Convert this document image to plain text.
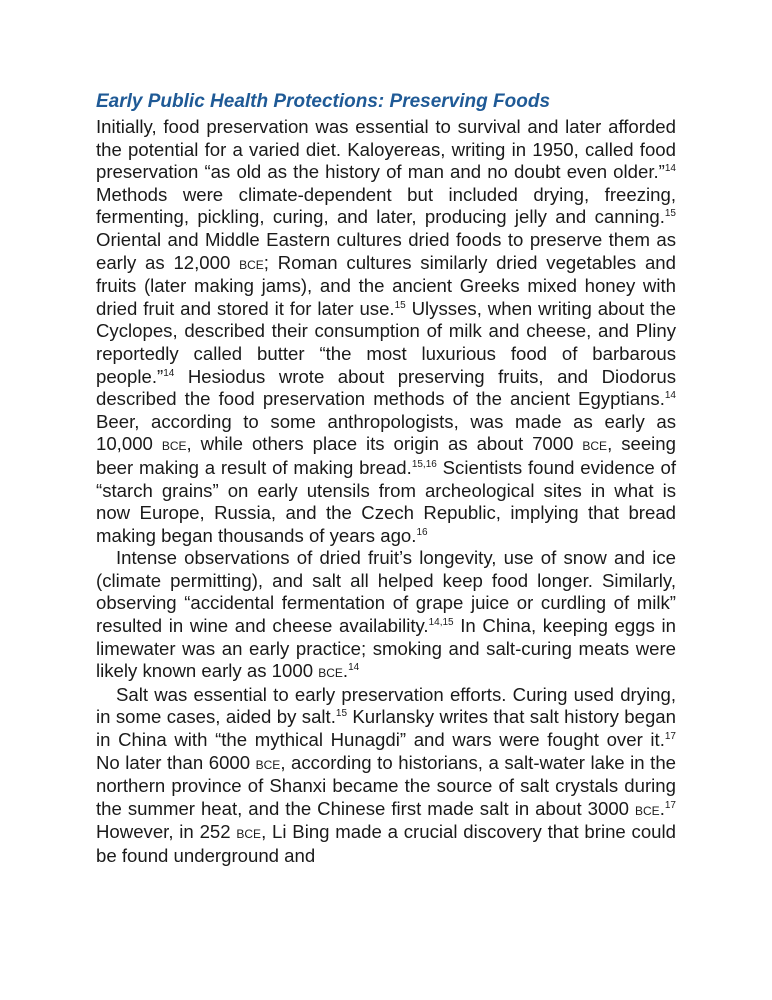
Early Public Health Protections: Preserving Foods

Initially, food preservation was essential to survival and later afforded the potential for a varied diet. Kaloyereas, writing in 1950, called food preservation “as old as the history of man and no doubt even older.”$^{14}$ Methods were climate-dependent but included drying, freezing, fermenting, pickling, curing, and later, producing jelly and canning.$^{15}$ Oriental and Middle Eastern cultures dried foods to preserve them as early as 12,000 bce; Roman cultures similarly dried vegetables and fruits (later making jams), and the ancient Greeks mixed honey with dried fruit and stored it for later use.$^{15}$ Ulysses, when writing about the Cyclopes, described their consumption of milk and cheese, and Pliny reportedly called butter “the most luxurious food of barbarous people.”$^{14}$ Hesiodus wrote about preserving fruits, and Diodorus described the food preservation methods of the ancient Egyptians.$^{14}$ Beer, according to some anthropologists, was made as early as 10,000 bce, while others place its origin as about 7000 bce, seeing beer making a result of making bread.$^{15,16}$ Scientists found evidence of “starch grains” on early utensils from archeological sites in what is now Europe, Russia, and the Czech Republic, implying that bread making began thousands of years ago.$^{16}$

Intense observations of dried fruit’s longevity, use of snow and ice (climate permitting), and salt all helped keep food longer. Similarly, observing “accidental fermentation of grape juice or curdling of milk” resulted in wine and cheese availability.$^{14,15}$ In China, keeping eggs in limewater was an early practice; smoking and salt-curing meats were likely known early as 1000 bce.$^{14}$

Salt was essential to early preservation efforts. Curing used drying, in some cases, aided by salt.$^{15}$ Kurlansky writes that salt history began in China with “the mythical Hunagdi” and wars were fought over it.$^{17}$ No later than 6000 bce, according to historians, a salt-water lake in the northern province of Shanxi became the source of salt crystals during the summer heat, and the Chinese first made salt in about 3000 bce.$^{17}$ However, in 252 bce, Li Bing made a crucial discovery that brine could be found underground and
